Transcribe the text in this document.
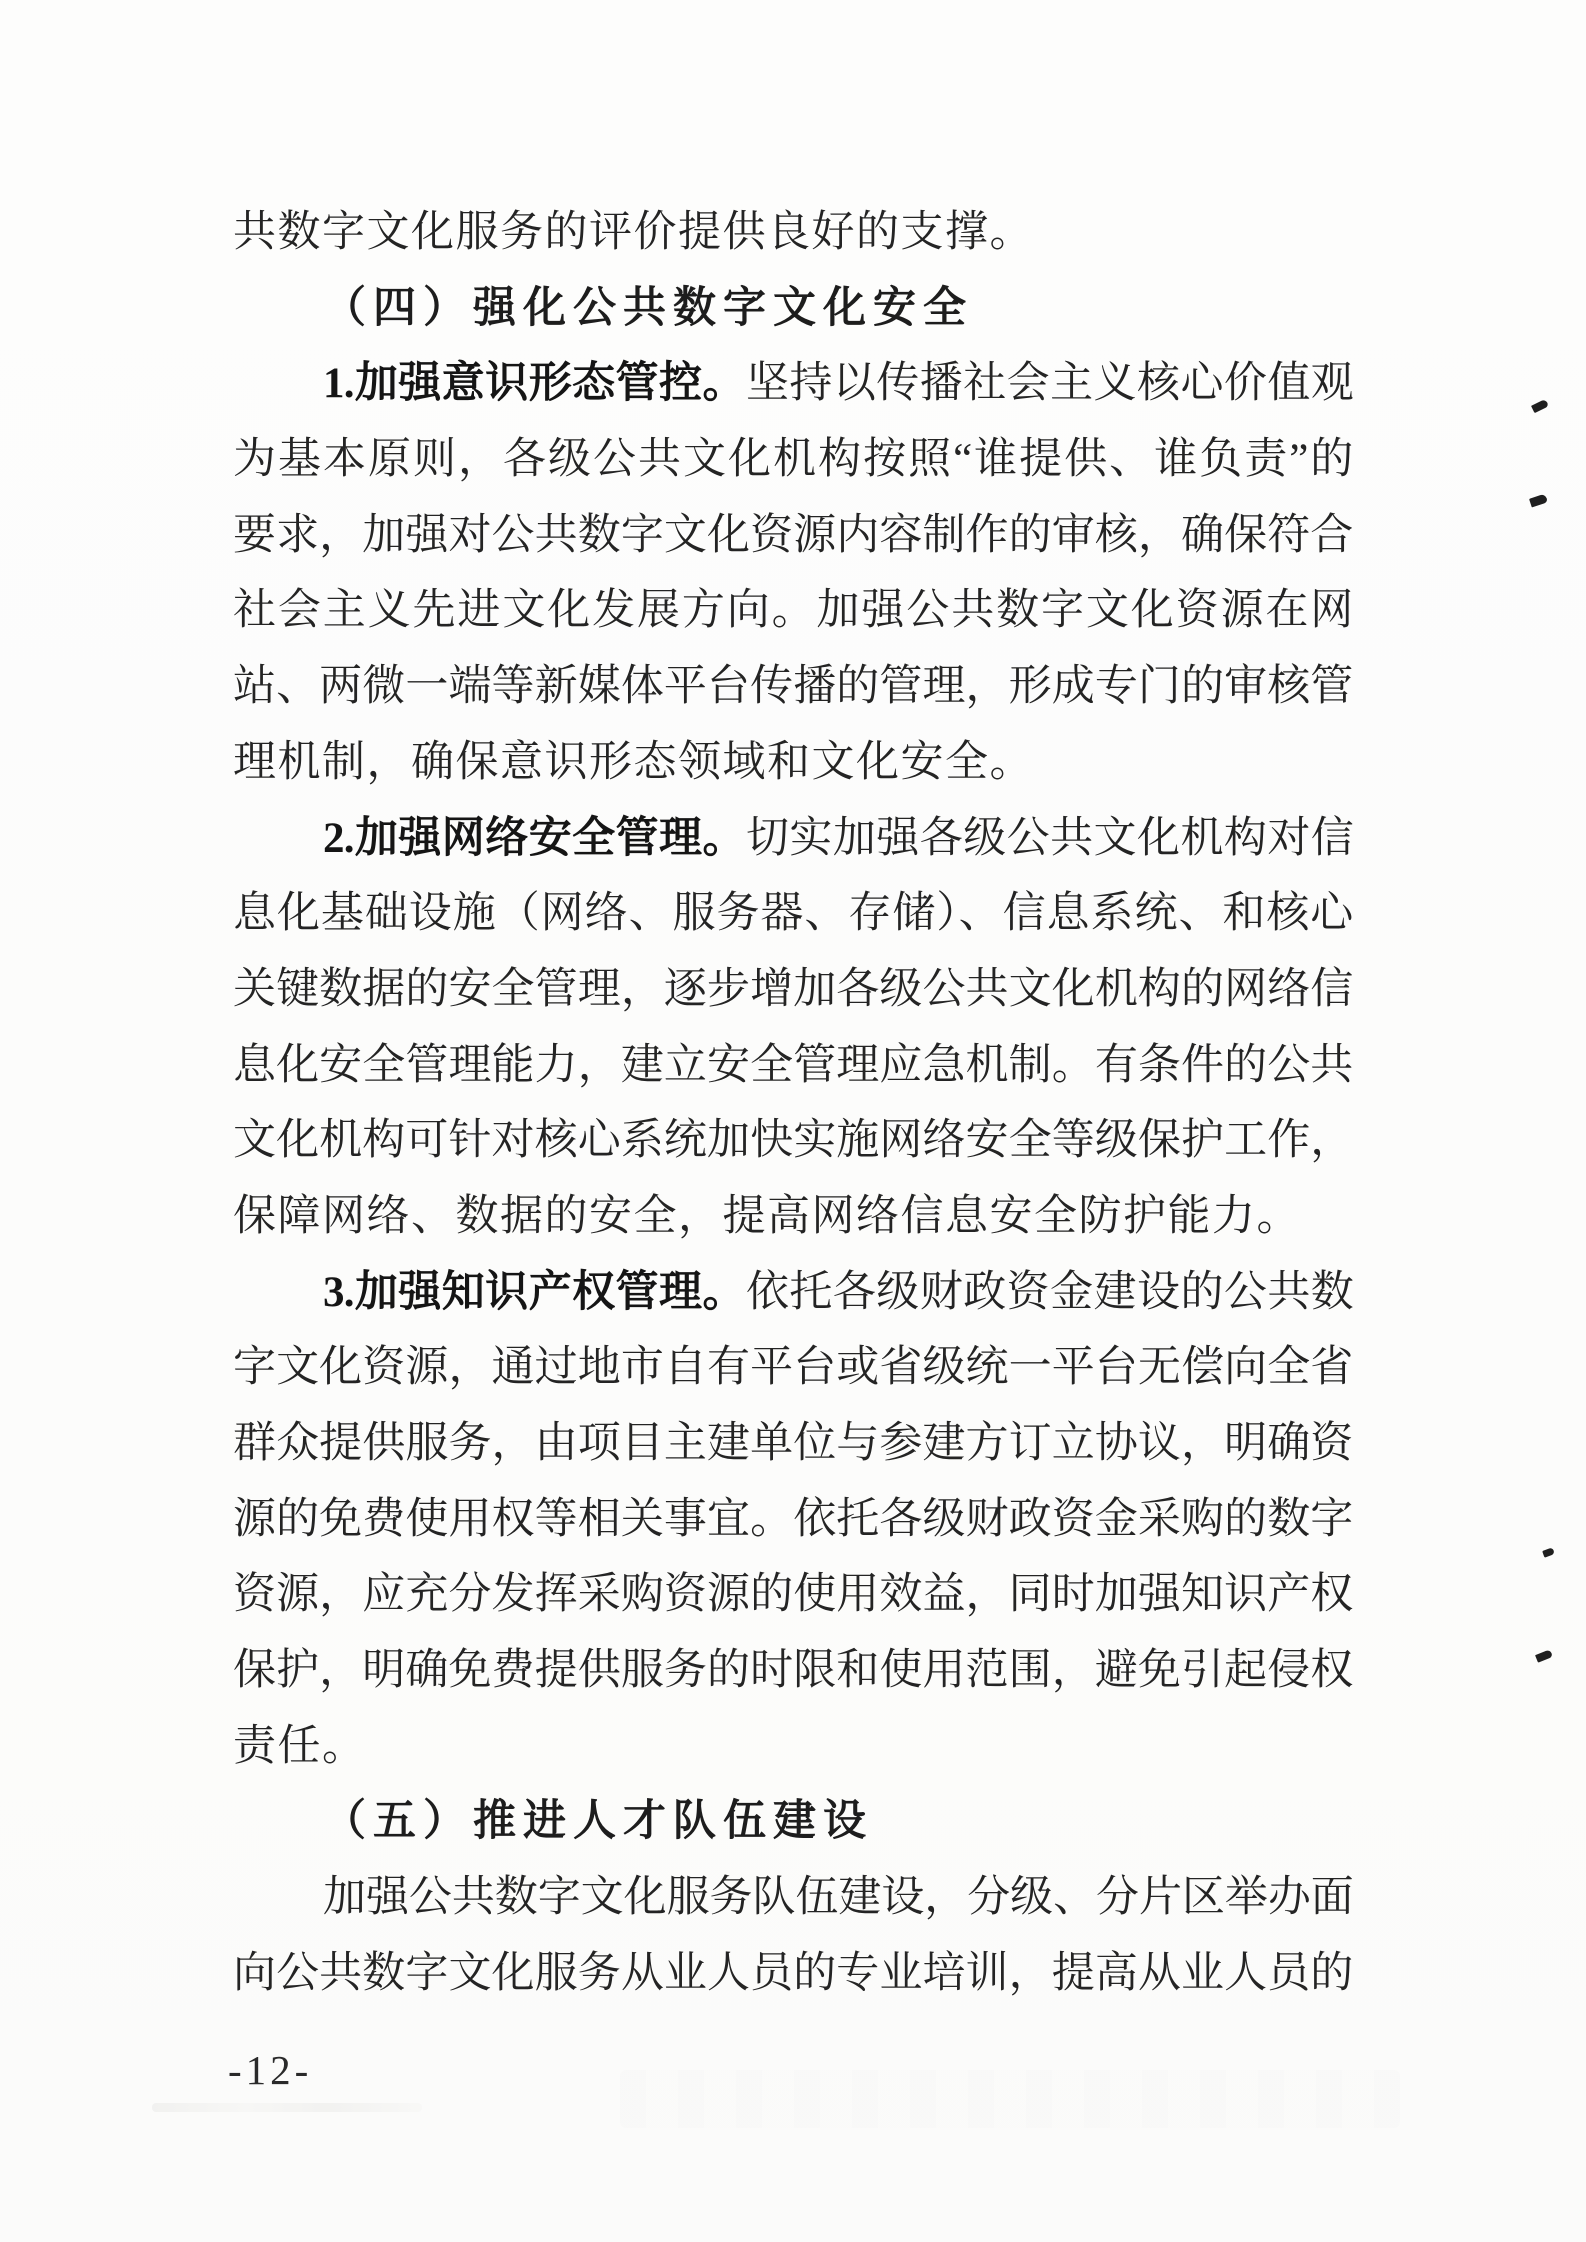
共数字文化服务的评价提供良好的支撑。
（四）强化公共数字文化安全
1.加强意识形态管控。坚持以传播社会主义核心价值观
为基本原则，各级公共文化机构按照“谁提供、谁负责”的
要求，加强对公共数字文化资源内容制作的审核，确保符合
社会主义先进文化发展方向。加强公共数字文化资源在网
站、两微一端等新媒体平台传播的管理，形成专门的审核管
理机制，确保意识形态领域和文化安全。
2.加强网络安全管理。切实加强各级公共文化机构对信
息化基础设施（网络、服务器、存储）、信息系统、和核心
关键数据的安全管理，逐步增加各级公共文化机构的网络信
息化安全管理能力，建立安全管理应急机制。有条件的公共
文化机构可针对核心系统加快实施网络安全等级保护工作，
保障网络、数据的安全，提高网络信息安全防护能力。
3.加强知识产权管理。依托各级财政资金建设的公共数
字文化资源，通过地市自有平台或省级统一平台无偿向全省
群众提供服务，由项目主建单位与参建方订立协议，明确资
源的免费使用权等相关事宜。依托各级财政资金采购的数字
资源，应充分发挥采购资源的使用效益，同时加强知识产权
保护，明确免费提供服务的时限和使用范围，避免引起侵权
责任。
（五）推进人才队伍建设
加强公共数字文化服务队伍建设，分级、分片区举办面
向公共数字文化服务从业人员的专业培训，提高从业人员的
-12-
